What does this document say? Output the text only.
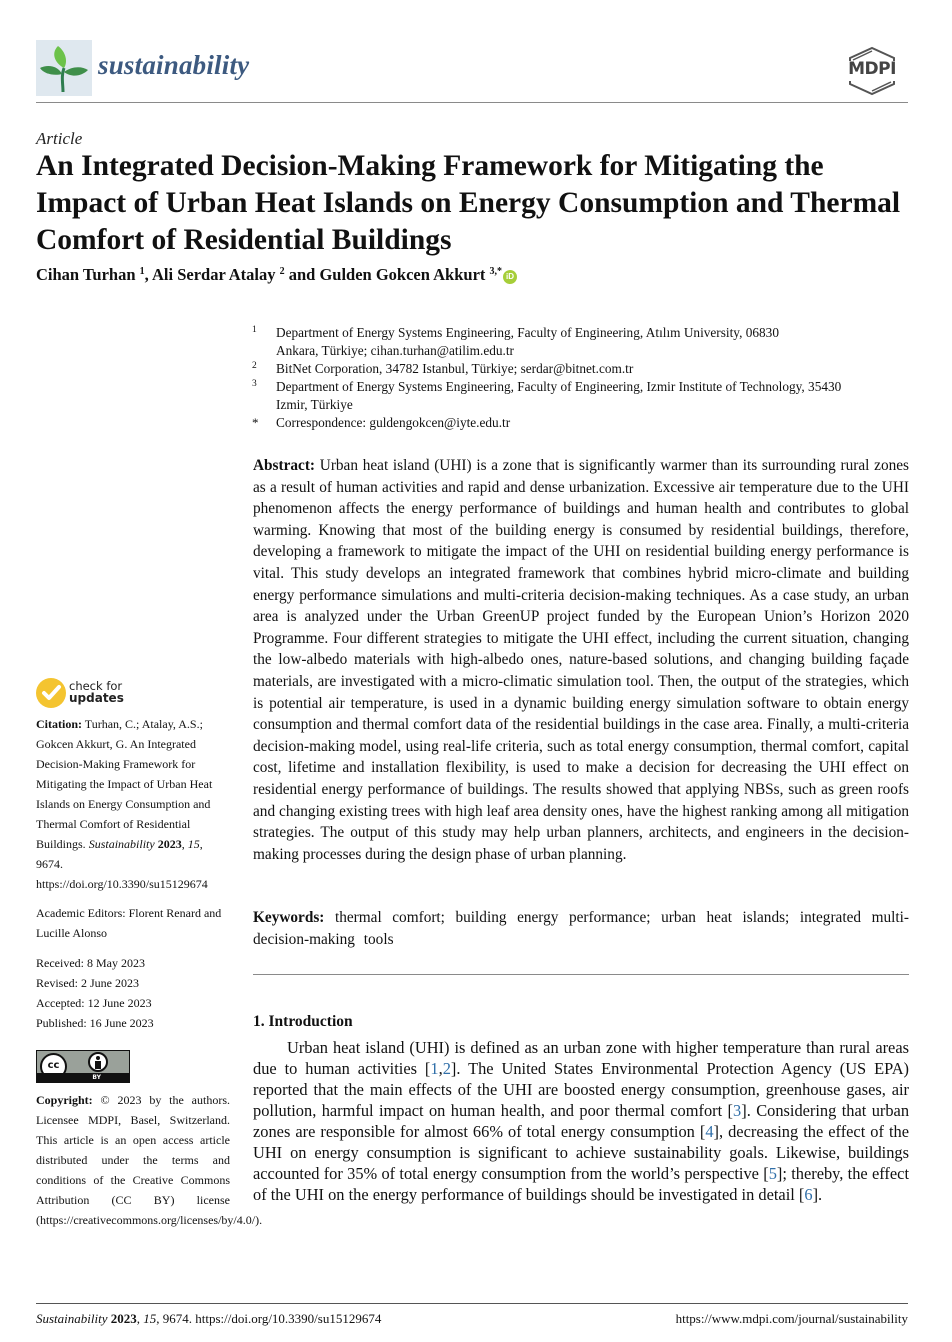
sustainability	MDPI
Article
An Integrated Decision-Making Framework for Mitigating the Impact of Urban Heat Islands on Energy Consumption and Thermal Comfort of Residential Buildings
Cihan Turhan $^1$, Ali Serdar Atalay $^2$ and Gulden Gokcen Akkurt $^{3,*}$ iD
1	Department of Energy Systems Engineering, Faculty of Engineering, Atılım University, 06830 Ankara, Türkiye; cihan.turhan@atilim.edu.tr
2	BitNet Corporation, 34782 Istanbul, Türkiye; serdar@bitnet.com.tr
3	Department of Energy Systems Engineering, Faculty of Engineering, Izmir Institute of Technology, 35430 Izmir, Türkiye
*	Correspondence: guldengokcen@iyte.edu.tr
Abstract: Urban heat island (UHI) is a zone that is significantly warmer than its surrounding rural zones as a result of human activities and rapid and dense urbanization. Excessive air temperature due to the UHI phenomenon affects the energy performance of buildings and human health and contributes to global warming. Knowing that most of the building energy is consumed by residential buildings, therefore, developing a framework to mitigate the impact of the UHI on residential building energy performance is vital. This study develops an integrated framework that combines hybrid micro-climate and building energy performance simulations and multi-criteria decision-making techniques. As a case study, an urban area is analyzed under the Urban GreenUP project funded by the European Union’s Horizon 2020 Programme. Four different strategies to mitigate the UHI effect, including the current situation, changing the low-albedo materials with high-albedo ones, nature-based solutions, and changing building façade materials, are investigated with a micro-climatic simulation tool. Then, the output of the strategies, which is potential air temperature, is used in a dynamic building energy simulation software to obtain energy consumption and thermal comfort data of the residential buildings in the case area. Finally, a multi-criteria decision-making model, using real-life criteria, such as total energy consumption, thermal comfort, capital cost, lifetime and installation flexibility, is used to make a decision for decreasing the UHI effect on residential energy performance of buildings. The results showed that applying NBSs, such as green roofs and changing existing trees with high leaf area density ones, have the highest ranking among all mitigation strategies. The output of this study may help urban planners, architects, and engineers in the decision-making processes during the design phase of urban planning.
Keywords: thermal comfort; building energy performance; urban heat islands; integrated multi-decision-making tools
1. Introduction
Urban heat island (UHI) is defined as an urban zone with higher temperature than rural areas due to human activities [1,2]. The United States Environmental Protection Agency (US EPA) reported that the main effects of the UHI are boosted energy consumption, greenhouse gases, air pollution, harmful impact on human health, and poor thermal comfort [3]. Considering that urban zones are responsible for almost 66% of total energy consumption [4], decreasing the effect of the UHI on energy consumption is significant to achieve sustainability goals. Likewise, buildings accounted for 35% of total energy consumption from the world’s perspective [5]; thereby, the effect of the UHI on the energy performance of buildings should be investigated in detail [6].
check for
updates
Citation: Turhan, C.; Atalay, A.S.; Gokcen Akkurt, G. An Integrated Decision-Making Framework for Mitigating the Impact of Urban Heat Islands on Energy Consumption and Thermal Comfort of Residential Buildings. Sustainability 2023, 15, 9674. https://doi.org/10.3390/su15129674
Academic Editors: Florent Renard and Lucille Alonso
Received: 8 May 2023
Revised: 2 June 2023
Accepted: 12 June 2023
Published: 16 June 2023
cc
BY
Copyright: © 2023 by the authors. Licensee MDPI, Basel, Switzerland. This article is an open access article distributed under the terms and conditions of the Creative Commons Attribution (CC BY) license (https://creativecommons.org/licenses/by/4.0/).
Sustainability 2023, 15, 9674. https://doi.org/10.3390/su15129674	https://www.mdpi.com/journal/sustainability
